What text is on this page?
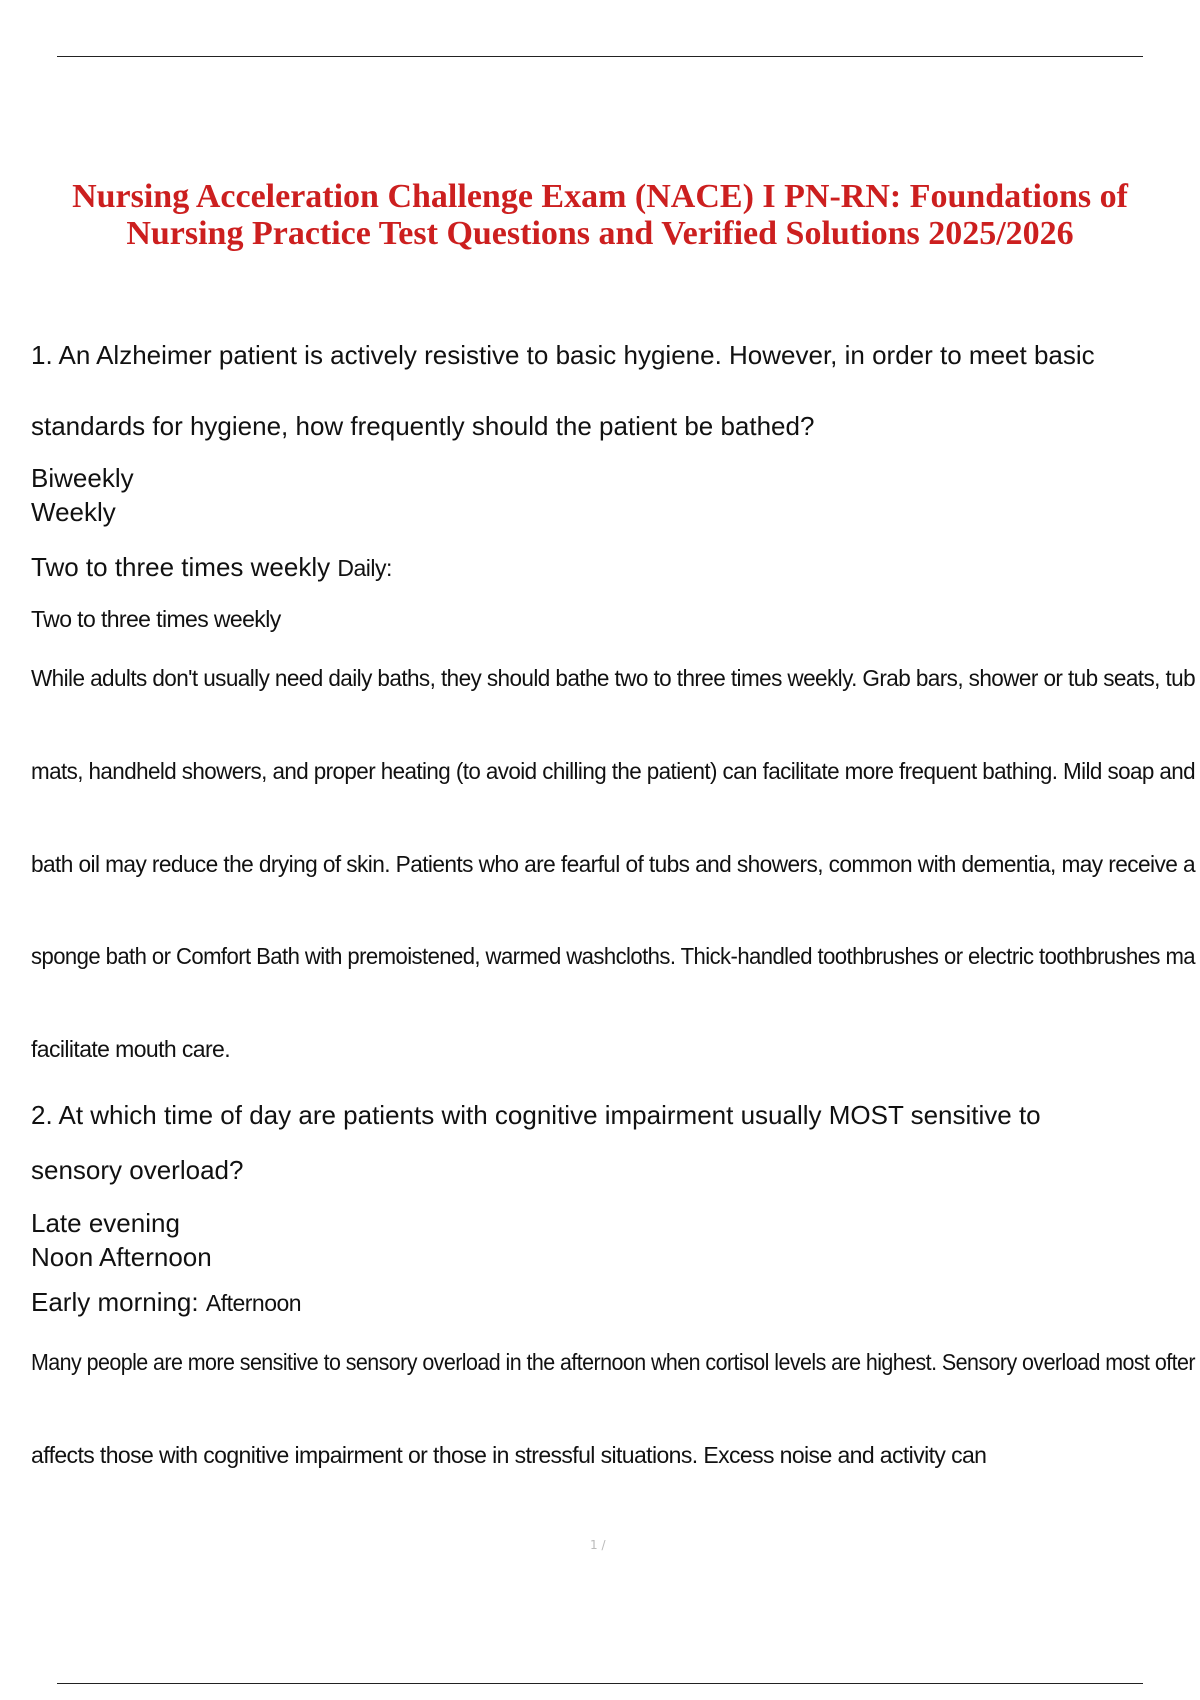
Nursing Acceleration Challenge Exam (NACE) I PN-RN: Foundations of
Nursing Practice Test Questions and Verified Solutions 2025/2026
1. An Alzheimer patient is actively resistive to basic hygiene. However, in order to meet basic
standards for hygiene, how frequently should the patient be bathed?
Biweekly
Weekly
Two to three times weekly Daily:
Two to three times weekly
While adults don't usually need daily baths, they should bathe two to three times weekly. Grab bars, shower or tub seats, tub
mats, handheld showers, and proper heating (to avoid chilling the patient) can facilitate more frequent bathing. Mild soap and
bath oil may reduce the drying of skin. Patients who are fearful of tubs and showers, common with dementia, may receive a
sponge bath or Comfort Bath with premoistened, warmed washcloths. Thick-handled toothbrushes or electric toothbrushes ma
facilitate mouth care.
2. At which time of day are patients with cognitive impairment usually MOST sensitive to
sensory overload?
Late evening
Noon Afternoon
Early morning: Afternoon
Many people are more sensitive to sensory overload in the afternoon when cortisol levels are highest. Sensory overload most ofter
affects those with cognitive impairment or those in stressful situations. Excess noise and activity can
1 /
